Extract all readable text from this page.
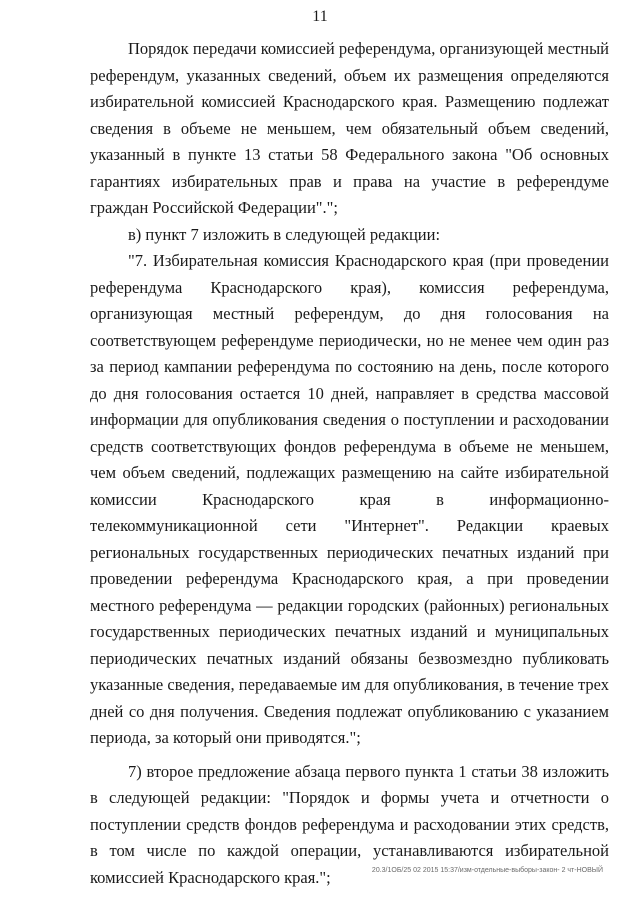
11

Порядок передачи комиссией референдума, организующей местный референдум, указанных сведений, объем их размещения определяются избирательной комиссией Краснодарского края. Размещению подлежат сведения в объеме не меньшем, чем обязательный объем сведений, указанный в пункте 13 статьи 58 Федерального закона "Об основных гарантиях избирательных прав и права на участие в референдуме граждан Российской Федерации".";

в) пункт 7 изложить в следующей редакции:

"7. Избирательная комиссия Краснодарского края (при проведении референдума Краснодарского края), комиссия референдума, организующая местный референдум, до дня голосования на соответствующем референдуме периодически, но не менее чем один раз за период кампании референдума по состоянию на день, после которого до дня голосования остается 10 дней, направляет в средства массовой информации для опубликования сведения о поступлении и расходовании средств соответствующих фондов референдума в объеме не меньшем, чем объем сведений, подлежащих размещению на сайте избирательной комиссии Краснодарского края в информационно-телекоммуникационной сети "Интернет". Редакции краевых региональных государственных периодических печатных изданий при проведении референдума Краснодарского края, а при проведении местного референдума — редакции городских (районных) региональных государственных периодических печатных изданий и муниципальных периодических печатных изданий обязаны безвозмездно публиковать указанные сведения, передаваемые им для опубликования, в течение трех дней со дня получения. Сведения подлежат опубликованию с указанием периода, за который они приводятся.";

7) второе предложение абзаца первого пункта 1 статьи 38 изложить в следующей редакции: "Порядок и формы учета и отчетности о поступлении средств фондов референдума и расходовании этих средств, в том числе по каждой операции, устанавливаются избирательной комиссией Краснодарского края.";	20.3/1ОБ/25 02 2015 15:37/изм-отдельные-выборы-закон- 2 чт-НОВЫЙ
